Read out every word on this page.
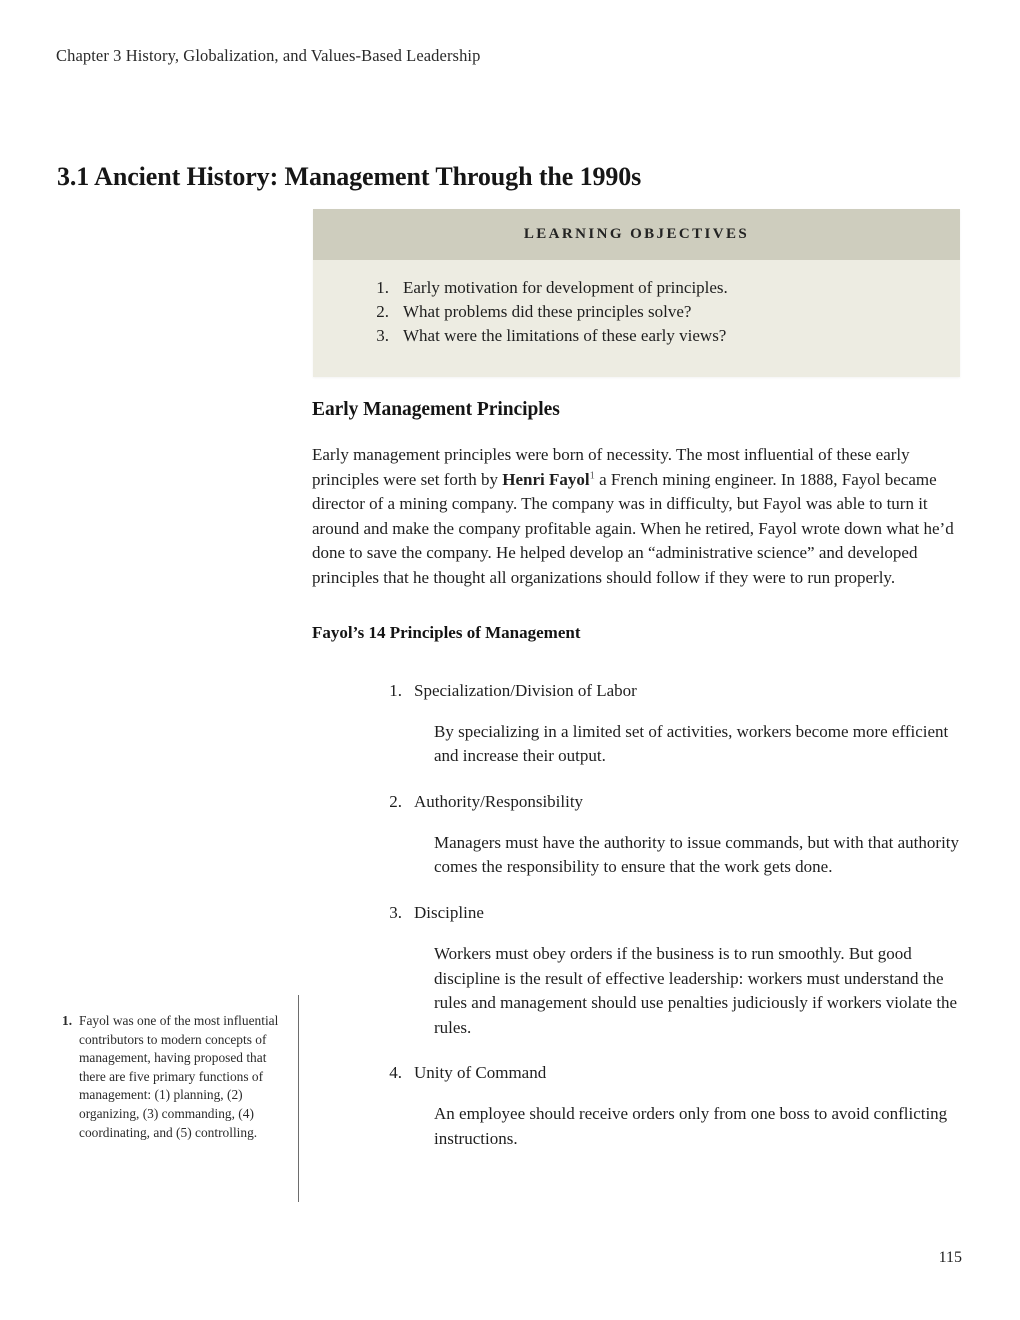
Chapter 3 History, Globalization, and Values-Based Leadership
3.1 Ancient History: Management Through the 1990s
LEARNING OBJECTIVES
1. Early motivation for development of principles.
2. What problems did these principles solve?
3. What were the limitations of these early views?
Early Management Principles

Early management principles were born of necessity. The most influential of these early principles were set forth by Henri Fayol$^1$ a French mining engineer. In 1888, Fayol became director of a mining company. The company was in difficulty, but Fayol was able to turn it around and make the company profitable again. When he retired, Fayol wrote down what he’d done to save the company. He helped develop an “administrative science” and developed principles that he thought all organizations should follow if they were to run properly.

Fayol’s 14 Principles of Management
1. Specialization/Division of Labor
By specializing in a limited set of activities, workers become more efficient and increase their output.
2. Authority/Responsibility
Managers must have the authority to issue commands, but with that authority comes the responsibility to ensure that the work gets done.
3. Discipline
Workers must obey orders if the business is to run smoothly. But good discipline is the result of effective leadership: workers must understand the rules and management should use penalties judiciously if workers violate the rules.
4. Unity of Command
An employee should receive orders only from one boss to avoid conflicting instructions.
1. Fayol was one of the most influential contributors to modern concepts of management, having proposed that there are five primary functions of management: (1) planning, (2) organizing, (3) commanding, (4) coordinating, and (5) controlling.
115
